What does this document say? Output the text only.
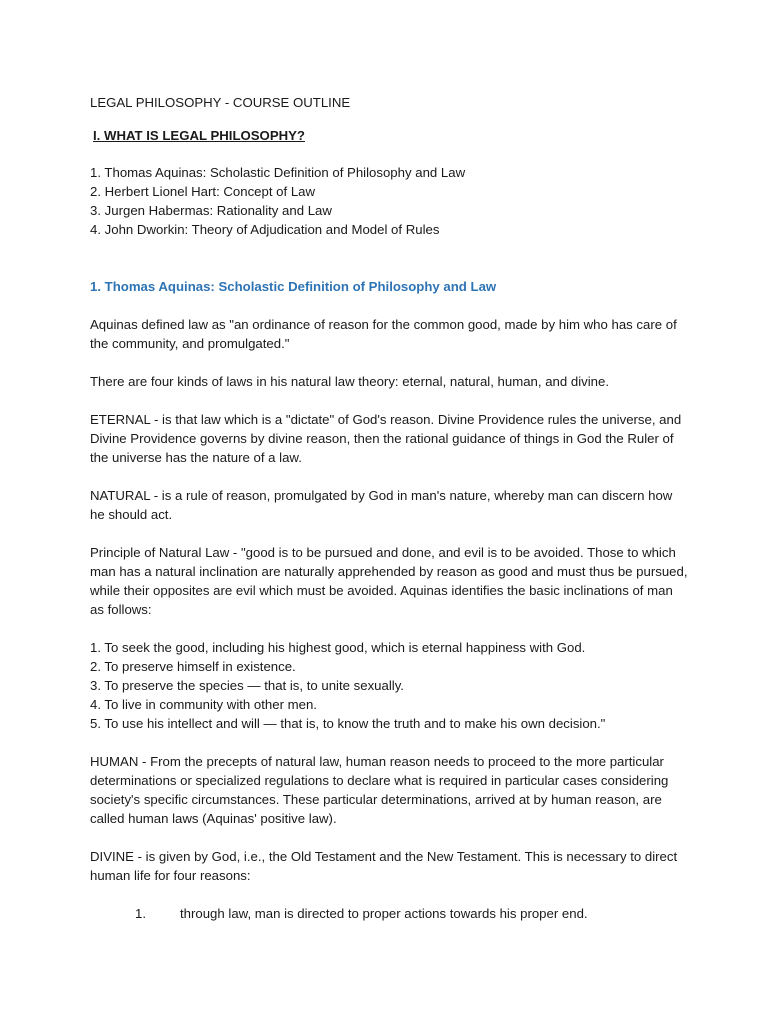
LEGAL PHILOSOPHY - COURSE OUTLINE
I. WHAT IS LEGAL PHILOSOPHY?
1. Thomas Aquinas: Scholastic Definition of Philosophy and Law
2. Herbert Lionel Hart: Concept of Law
3. Jurgen Habermas: Rationality and Law
4. John Dworkin: Theory of Adjudication and Model of Rules
1. Thomas Aquinas: Scholastic Definition of Philosophy and Law

Aquinas defined law as "an ordinance of reason for the common good, made by him who has care of the community, and promulgated."

There are four kinds of laws in his natural law theory: eternal, natural, human, and divine.

ETERNAL - is that law which is a "dictate" of God's reason. Divine Providence rules the universe, and Divine Providence governs by divine reason, then the rational guidance of things in God the Ruler of the universe has the nature of a law.

NATURAL - is a rule of reason, promulgated by God in man's nature, whereby man can discern how he should act.

Principle of Natural Law - "good is to be pursued and done, and evil is to be avoided. Those to which man has a natural inclination are naturally apprehended by reason as good and must thus be pursued, while their opposites are evil which must be avoided. Aquinas identifies the basic inclinations of man as follows:

1. To seek the good, including his highest good, which is eternal happiness with God.
2. To preserve himself in existence.
3. To preserve the species — that is, to unite sexually.
4. To live in community with other men.
5. To use his intellect and will — that is, to know the truth and to make his own decision."

HUMAN - From the precepts of natural law, human reason needs to proceed to the more particular determinations or specialized regulations to declare what is required in particular cases considering society's specific circumstances. These particular determinations, arrived at by human reason, are called human laws (Aquinas' positive law).

DIVINE - is given by God, i.e., the Old Testament and the New Testament. This is necessary to direct human life for four reasons:

1.	through law, man is directed to proper actions towards his proper end.
